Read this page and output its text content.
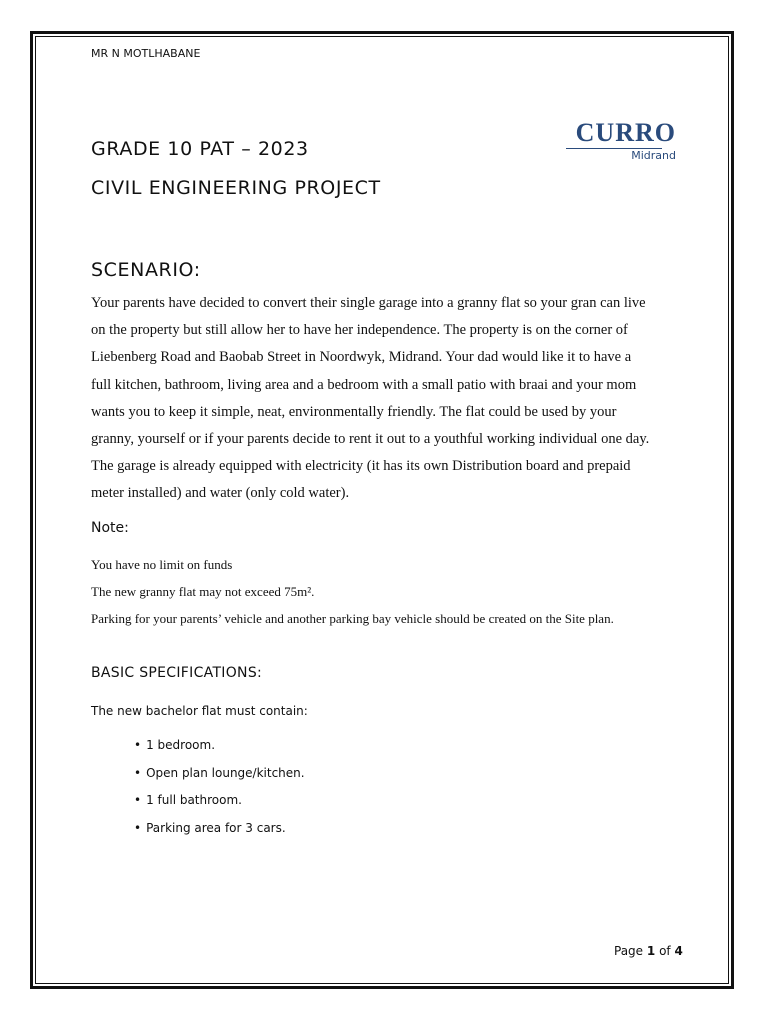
MR N MOTLHABANE
GRADE 10 PAT – 2023
CIVIL ENGINEERING PROJECT
CURRO
Midrand
SCENARIO:
Your parents have decided to convert their single garage into a granny flat so your gran can live
on the property but still allow her to have her independence. The property is on the corner of
Liebenberg Road and Baobab Street in Noordwyk, Midrand. Your dad would like it to have a
full kitchen, bathroom, living area and a bedroom with a small patio with braai and your mom
wants you to keep it simple, neat, environmentally friendly. The flat could be used by your
granny, yourself or if your parents decide to rent it out to a youthful working individual one day.
The garage is already equipped with electricity (it has its own Distribution board and prepaid
meter installed) and water (only cold water).
Note:
You have no limit on funds
The new granny flat may not exceed 75m².
Parking for your parents’ vehicle and another parking bay vehicle should be created on the Site plan.
BASIC SPECIFICATIONS:
The new bachelor flat must contain:
• 1 bedroom.
• Open plan lounge/kitchen.
• 1 full bathroom.
• Parking area for 3 cars.
Page 1 of 4
